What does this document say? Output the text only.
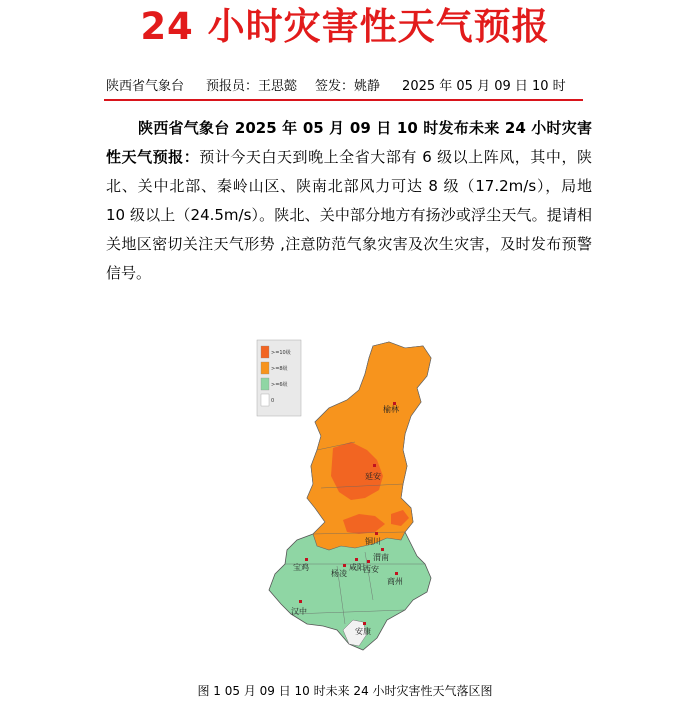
24 小时灾害性天气预报
陕西省气象台 预报员：王思懿 签发：姚静 2025 年 05 月 09 日 10 时

陕西省气象台 2025 年 05 月 09 日 10 时发布未来 24 小时灾害性天气预报：预计今天白天到晚上全省大部有 6 级以上阵风，其中，陕北、关中北部、秦岭山区、陕南北部风力可达 8 级（17.2m/s），局地 10 级以上（24.5m/s）。陕北、关中部分地方有扬沙或浮尘天气。提请相关地区密切关注天气形势 ,注意防范气象灾害及次生灾害，及时发布预警信号。

>=10级
>=8级
>=6级
0
榆林
延安
铜川
宝鸡
杨凌
咸阳
西安
渭南
商州
汉中
安康
图 1 05 月 09 日 10 时未来 24 小时灾害性天气落区图
